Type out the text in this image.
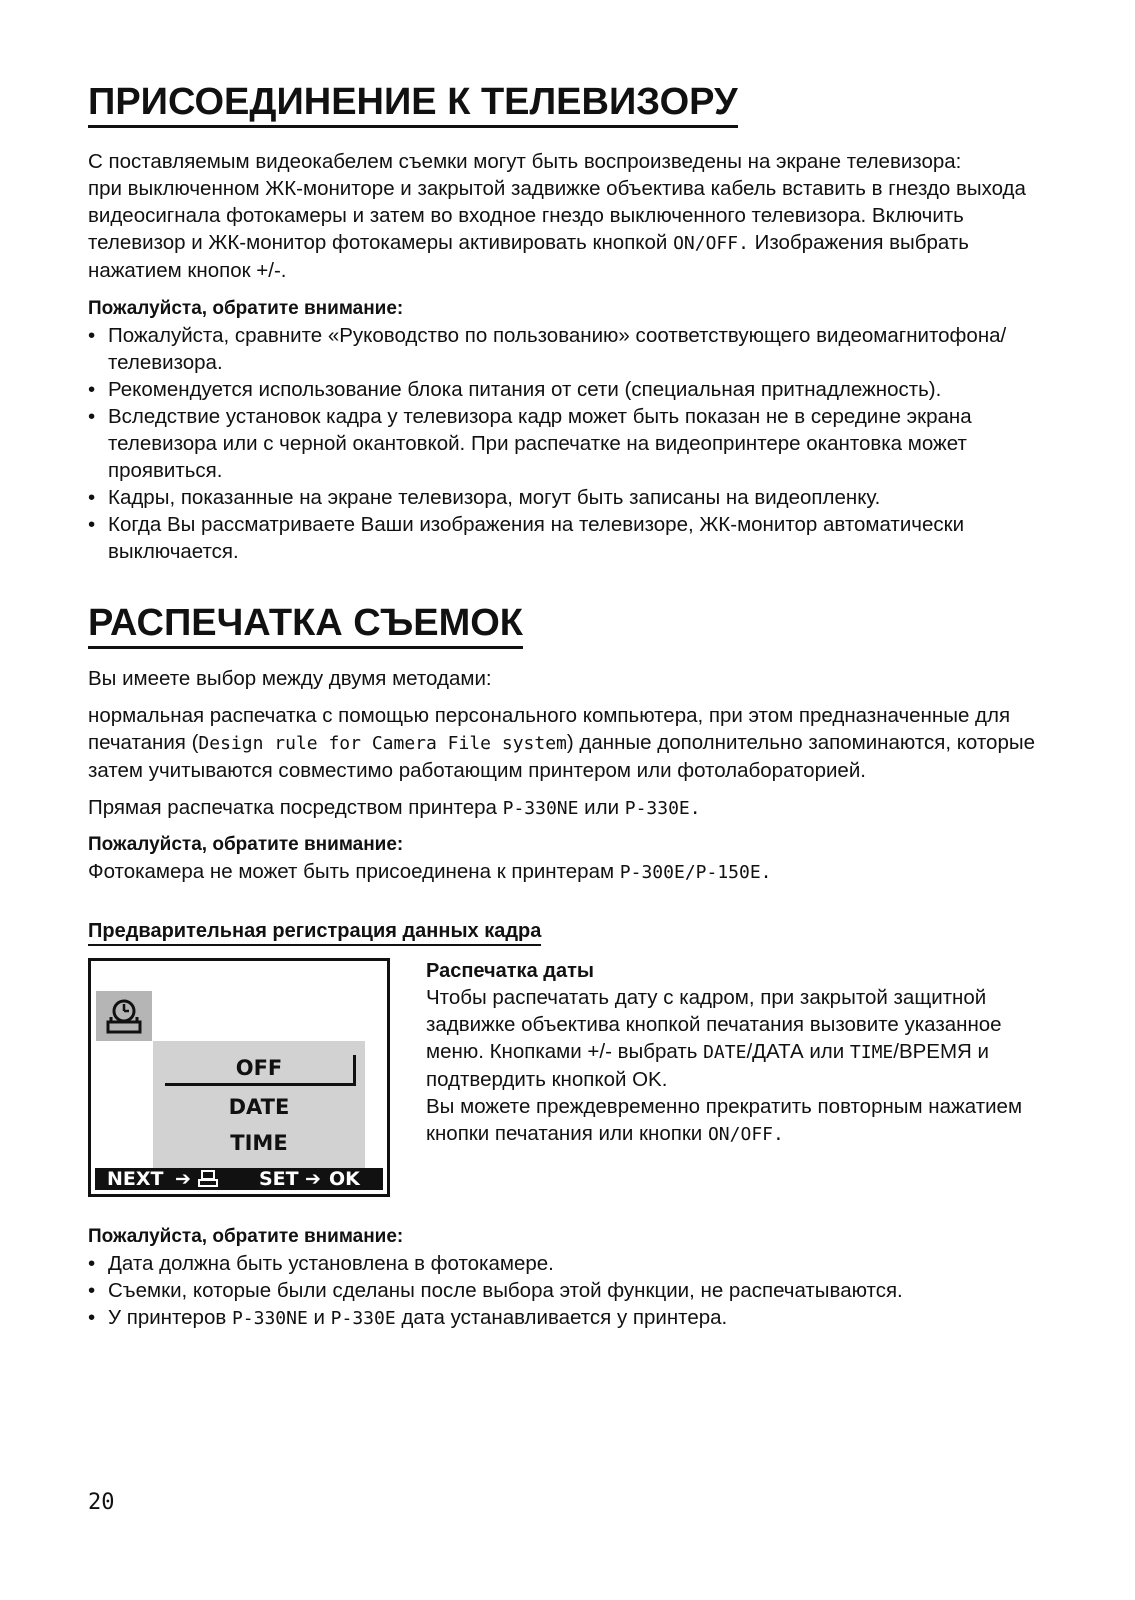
ПРИСОЕДИНЕНИЕ К ТЕЛЕВИЗОРУ

С поставляемым видеокабелем съемки могут быть воспроизведены на экране телевизора:

при выключенном ЖК-мониторе и закрытой задвижке объектива кабель вставить в гнездо выхода видеосигнала фотокамеры и затем во входное гнездо выключенного телевизора. Включить телевизор и ЖК-монитор фотокамеры активировать кнопкой ON/OFF. Изображения выбрать нажатием кнопок +/-.

Пожалуйста, обратите внимание:

• Пожалуйста, сравните «Руководство по пользованию» соответствующего видеомагнитофона/телевизора.
• Рекомендуется использование блока питания от сети (специальная притнадлежность).
• Вследствие установок кадра у телевизора кадр может быть показан не в середине экрана телевизора или с черной окантовкой. При распечатке на видеопринтере окантовка может проявиться.
• Кадры, показанные на экране телевизора, могут быть записаны на видеопленку.
• Когда Вы рассматриваете Ваши изображения на телевизоре, ЖК-монитор автоматически выключается.
РАСПЕЧАТКА СЪЕМОК

Вы имеете выбор между двумя методами:

нормальная распечатка с помощью персонального компьютера, при этом предназначенные для печатания (Design rule for Camera File system) данные дополнительно запоминаются, которые затем учитываются совместимо работающим принтером или фотолабораторией.

Прямая распечатка посредством принтера P-330NE или P-330E.

Пожалуйста, обратите внимание:

Фотокамера не может быть присоединена к принтерам P-300E/P-150E.

Предварительная регистрация данных кадра
OFF
DATE
TIME
NEXT ➔	SET ➔ OK

Распечатка даты

Чтобы распечатать дату с кадром, при закрытой защитной задвижке объектива кнопкой печатания вызовите указанное меню. Кнопками +/- выбрать DATE/ДАТА или TIME/ВРЕМЯ и подтвердить кнопкой OK.

Вы можете преждевременно прекратить повторным нажатием кнопки печатания или кнопки ON/OFF.

Пожалуйста, обратите внимание:

• Дата должна быть установлена в фотокамере.
• Съемки, которые были сделаны после выбора этой функции, не распечатываются.
• У принтеров P-330NE и P-330E дата устанавливается у принтера.
20
